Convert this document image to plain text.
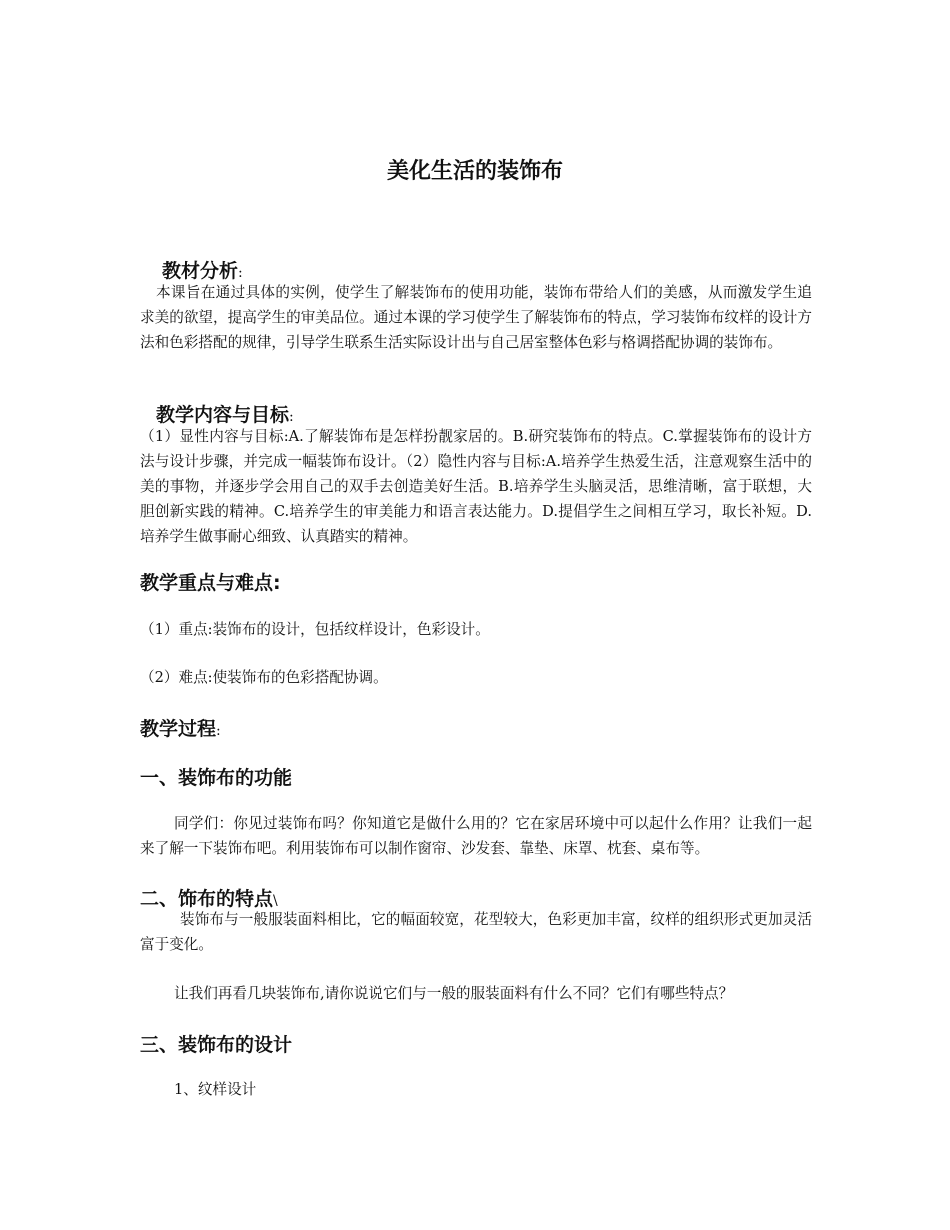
美化生活的装饰布
教材分析:
本课旨在通过具体的实例，使学生了解装饰布的使用功能，装饰布带给人们的美感，从而激发学生追求美的欲望，提高学生的审美品位。通过本课的学习使学生了解装饰布的特点，学习装饰布纹样的设计方法和色彩搭配的规律，引导学生联系生活实际设计出与自己居室整体色彩与格调搭配协调的装饰布。
教学内容与目标:
（1）显性内容与目标:A.了解装饰布是怎样扮靓家居的。B.研究装饰布的特点。C.掌握装饰布的设计方法与设计步骤，并完成一幅装饰布设计。（2）隐性内容与目标:A.培养学生热爱生活，注意观察生活中的美的事物，并逐步学会用自己的双手去创造美好生活。B.培养学生头脑灵活，思维清晰，富于联想，大胆创新实践的精神。C.培养学生的审美能力和语言表达能力。D.提倡学生之间相互学习，取长补短。D.培养学生做事耐心细致、认真踏实的精神。
教学重点与难点:
（1）重点:装饰布的设计，包括纹样设计，色彩设计。
（2）难点:使装饰布的色彩搭配协调。
教学过程:
一、装饰布的功能
同学们：你见过装饰布吗？你知道它是做什么用的？它在家居环境中可以起什么作用？让我们一起来了解一下装饰布吧。利用装饰布可以制作窗帘、沙发套、靠垫、床罩、枕套、桌布等。
二、饰布的特点\
装饰布与一般服装面料相比，它的幅面较宽，花型较大，色彩更加丰富，纹样的组织形式更加灵活富于变化。
让我们再看几块装饰布,请你说说它们与一般的服装面料有什么不同？它们有哪些特点？
三、装饰布的设计
1、纹样设计
